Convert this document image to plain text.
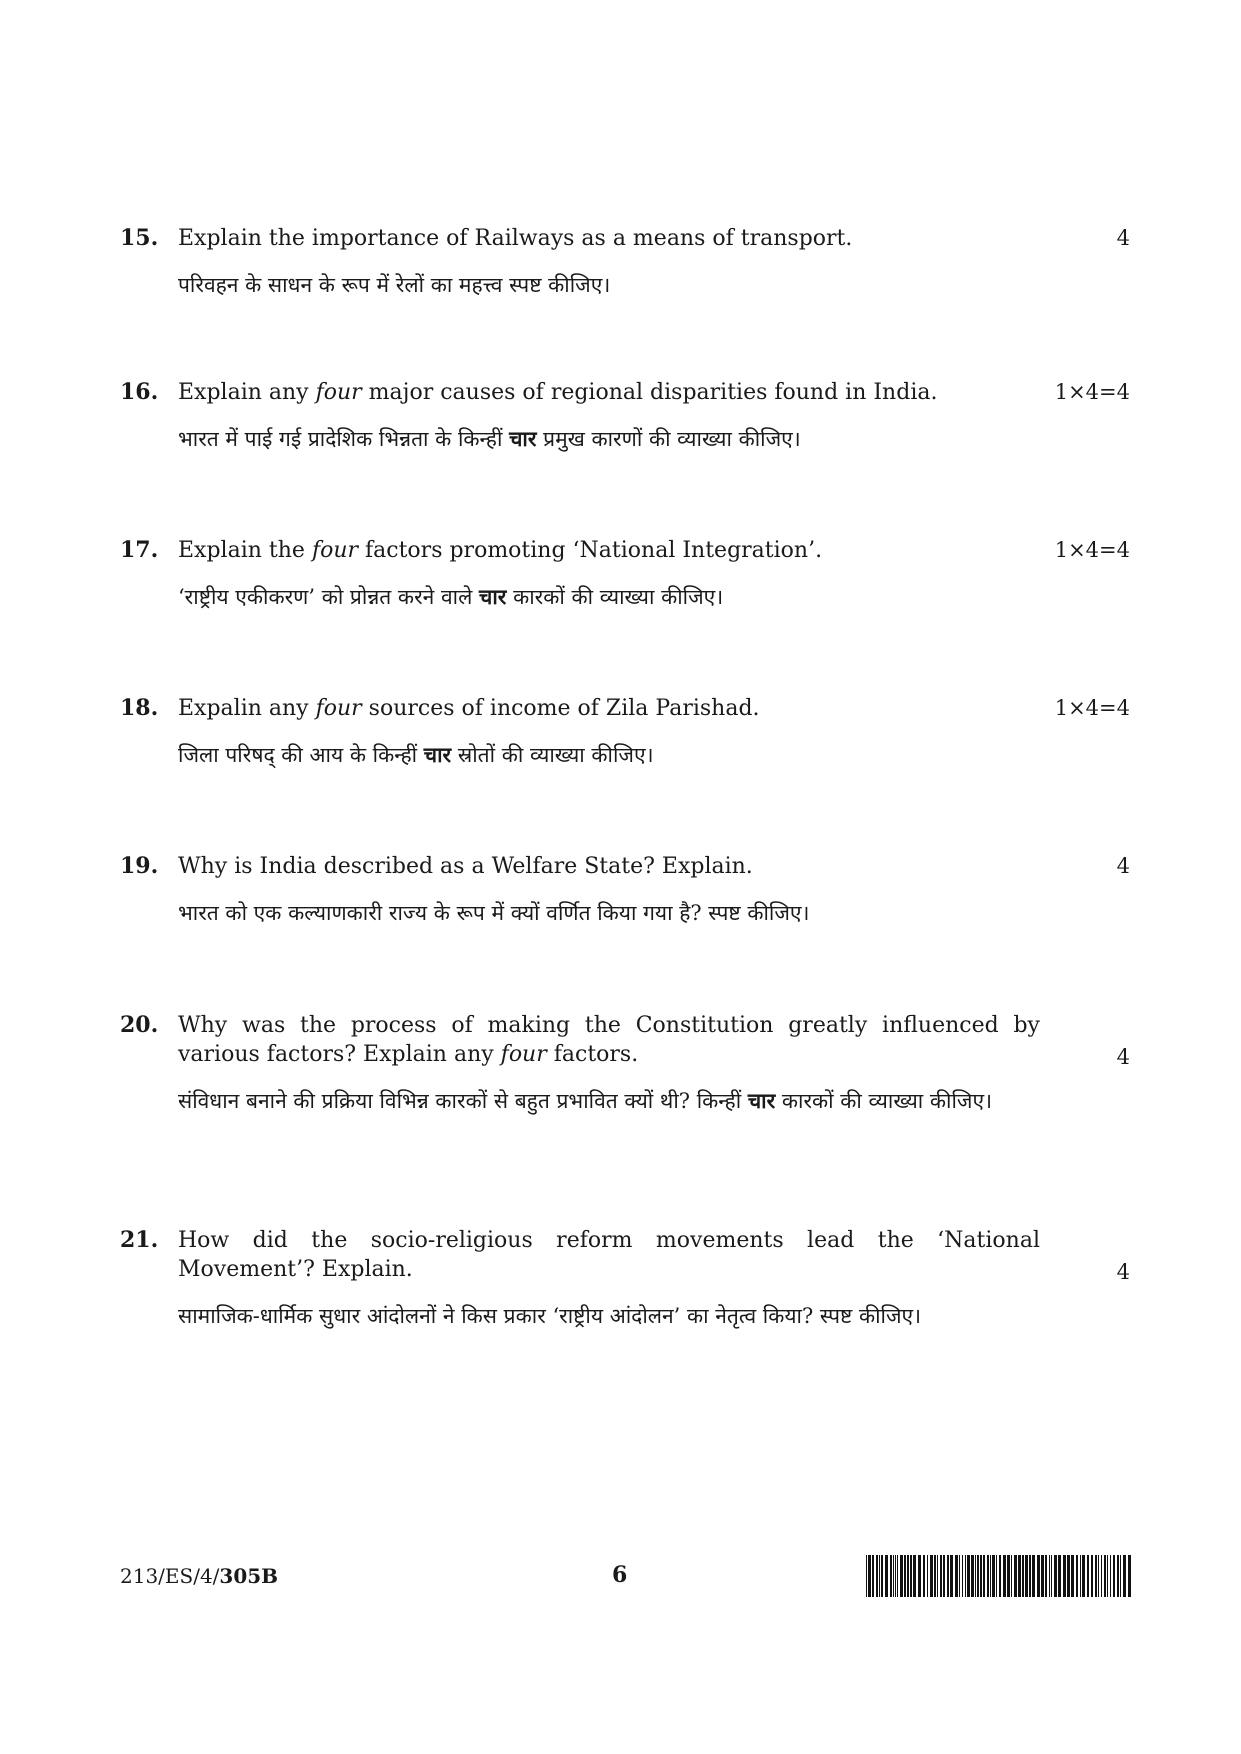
15. Explain the importance of Railways as a means of transport.	4
परिवहन के साधन के रूप में रेलों का महत्त्व स्पष्ट कीजिए।
16. Explain any four major causes of regional disparities found in India.	1×4=4
भारत में पाई गई प्रादेशिक भिन्नता के किन्हीं चार प्रमुख कारणों की व्याख्या कीजिए।
17. Explain the four factors promoting ‘National Integration’.	1×4=4
‘राष्ट्रीय एकीकरण’ को प्रोन्नत करने वाले चार कारकों की व्याख्या कीजिए।
18. Expalin any four sources of income of Zila Parishad.	1×4=4
जिला परिषद् की आय के किन्हीं चार स्रोतों की व्याख्या कीजिए।
19. Why is India described as a Welfare State? Explain.	4
भारत को एक कल्याणकारी राज्य के रूप में क्यों वर्णित किया गया है? स्पष्ट कीजिए।
20. Why was the process of making the Constitution greatly influenced by various factors? Explain any four factors.	4
संविधान बनाने की प्रक्रिया विभिन्न कारकों से बहुत प्रभावित क्यों थी? किन्हीं चार कारकों की व्याख्या कीजिए।
21. How did the socio-religious reform movements lead the ‘National Movement’? Explain.	4
सामाजिक-धार्मिक सुधार आंदोलनों ने किस प्रकार ‘राष्ट्रीय आंदोलन’ का नेतृत्व किया? स्पष्ट कीजिए।
213/ES/4/305B	6
